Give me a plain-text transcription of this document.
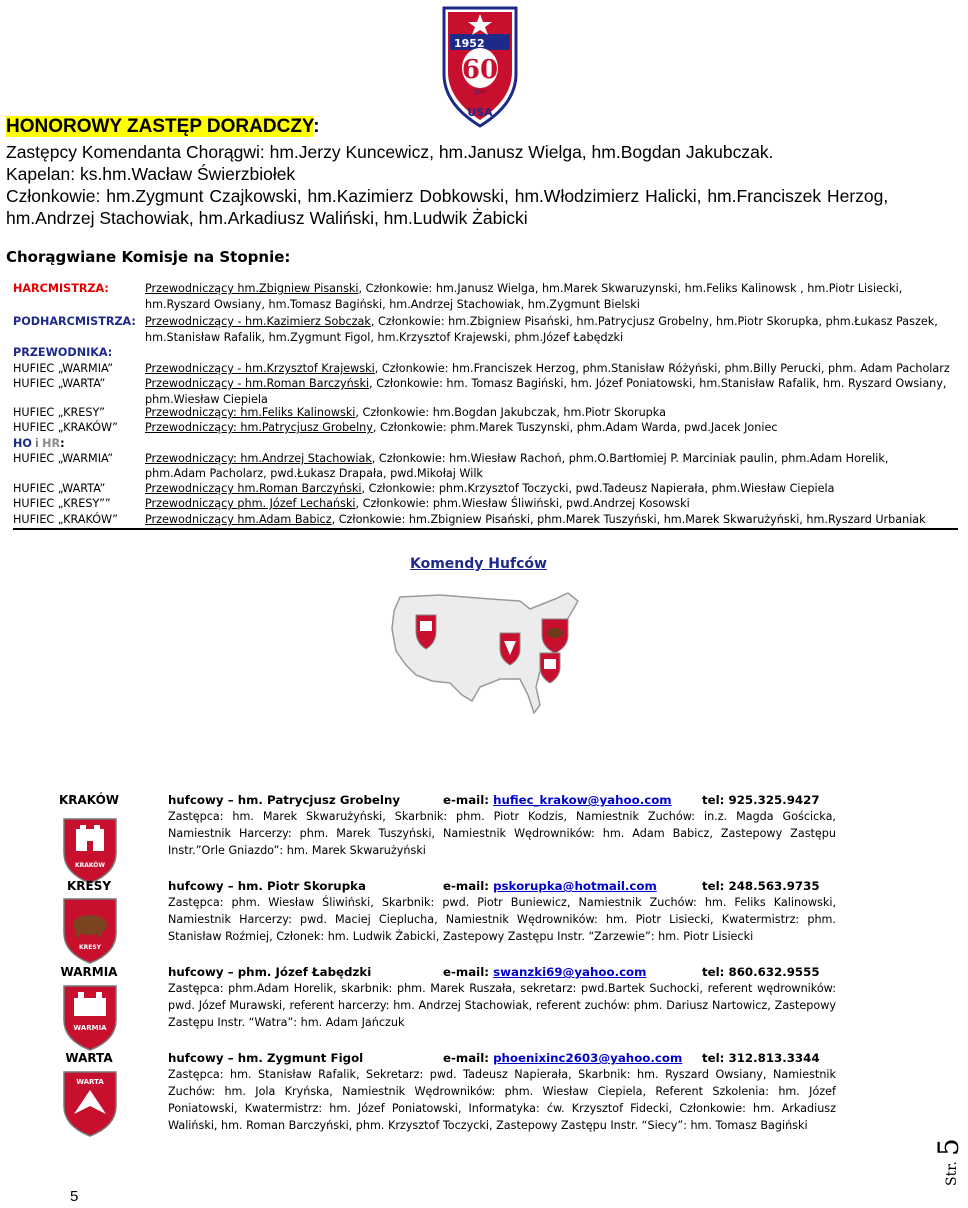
1952
60
ZHP
USA
HONOROWY ZASTĘP DORADCZY:
Zastępcy Komendanta Chorągwi: hm.Jerzy Kuncewicz, hm.Janusz Wielga, hm.Bogdan Jakubczak.
Kapelan: ks.hm.Wacław Świerzbiołek
Członkowie: hm.Zygmunt Czajkowski, hm.Kazimierz Dobkowski, hm.Włodzimierz Halicki, hm.Franciszek Herzog,
hm.Andrzej Stachowiak, hm.Arkadiusz Waliński, hm.Ludwik Żabicki
Chorągwiane Komisje na Stopnie:
HARCMISTRZA:	Przewodniczący hm.Zbigniew Pisanski, Członkowie: hm.Janusz Wielga, hm.Marek Skwaruzynski, hm.Feliks Kalinowsk , hm.Piotr Lisiecki,
hm.Ryszard Owsiany, hm.Tomasz Bagiński, hm.Andrzej Stachowiak, hm.Zygmunt Bielski
PODHARCMISTRZA: Przewodniczący - hm.Kazimierz Sobczak, Członkowie: hm.Zbigniew Pisański, hm.Patrycjusz Grobelny, hm.Piotr Skorupka, phm.Łukasz Paszek,
hm.Stanisław Rafalik, hm.Zygmunt Figol, hm.Krzysztof Krajewski, phm.Józef Łabędzki
PRZEWODNIKA:
HUFIEC „WARMIA”	Przewodniczący - hm.Krzysztof Krajewski, Członkowie: hm.Franciszek Herzog, phm.Stanisław Różyński, phm.Billy Perucki, phm. Adam Pacholarz
HUFIEC „WARTA”	Przewodniczący - hm.Roman Barczyński, Członkowie: hm. Tomasz Bagiński, hm. Józef Poniatowski, hm.Stanisław Rafalik, hm. Ryszard Owsiany,
phm.Wiesław Ciepiela
HUFIEC „KRESY”	Przewodniczący: hm.Feliks Kalinowski, Członkowie: hm.Bogdan Jakubczak, hm.Piotr Skorupka
HUFIEC „KRAKÓW” Przewodniczący: hm.Patrycjusz Grobelny, Członkowie: phm.Marek Tuszynski, phm.Adam Warda, pwd.Jacek Joniec
HO i HR:
HUFIEC „WARMIA”	Przewodniczący: hm.Andrzej Stachowiak, Członkowie: hm.Wiesław Rachoń, phm.O.Bartłomiej P. Marciniak paulin, phm.Adam Horelik,
phm.Adam Pacholarz, pwd.Łukasz Drapała, pwd.Mikołaj Wilk
HUFIEC „WARTA”	Przewodniczący hm.Roman Barczyński, Członkowie: phm.Krzysztof Toczycki, pwd.Tadeusz Napierała, phm.Wiesław Ciepiela
HUFIEC „KRESY””	Przewodniczący phm. Józef Lechański, Członkowie: phm.Wiesław Śliwiński, pwd.Andrzej Kosowski
HUFIEC „KRAKÓW” Przewodniczący hm.Adam Babicz, Członkowie: hm.Zbigniew Pisański, phm.Marek Tuszyński, hm.Marek Skwarużyński, hm.Ryszard Urbaniak
Komendy Hufców
KRAKÓW
KRAKÓW
hufcowy – hm. Patrycjusz Grobelny	e-mail: hufiec_krakow@yahoo.com	tel: 925.325.9427
Zastępca: hm. Marek Skwarużyński, Skarbnik: phm. Piotr Kodzis, Namiestnik Zuchów: in.z. Magda Gościcka, Namiestnik Harcerzy: phm. Marek Tuszyński, Namiestnik Wędrowników: hm. Adam Babicz, Zastepowy Zastępu Instr.”Orle Gniazdo”: hm. Marek Skwarużyński
KRESY
KRESY
hufcowy – hm. Piotr Skorupka	e-mail: pskorupka@hotmail.com	tel: 248.563.9735
Zastępca: phm. Wiesław Śliwiński, Skarbnik: pwd. Piotr Buniewicz, Namiestnik Zuchów: hm. Feliks Kalinowski, Namiestnik Harcerzy: pwd. Maciej Cieplucha, Namiestnik Wędrowników: hm. Piotr Lisiecki, Kwatermistrz: phm. Stanisław Roźmiej, Członek: hm. Ludwik Żabicki, Zastepowy Zastępu Instr. “Zarzewie”: hm. Piotr Lisiecki
WARMIA
WARMIA
hufcowy – phm. Józef Łabędzki	e-mail: swanzki69@yahoo.com	tel: 860.632.9555
Zastępca: phm.Adam Horelik, skarbnik: phm. Marek Ruszała, sekretarz: pwd.Bartek Suchocki, referent wędrowników: pwd. Józef Murawski, referent harcerzy: hm. Andrzej Stachowiak, referent zuchów: phm. Dariusz Nartowicz, Zastepowy Zastępu Instr. “Watra”: hm. Adam Jańczuk
WARTA
WARTA
hufcowy – hm. Zygmunt Figol	e-mail: phoenixinc2603@yahoo.com tel: 312.813.3344
Zastępca: hm. Stanisław Rafalik, Sekretarz: pwd. Tadeusz Napierała, Skarbnik: hm. Ryszard Owsiany, Namiestnik Zuchów: hm. Jola Kryńska, Namiestnik Wędrowników: phm. Wiesław Ciepiela, Referent Szkolenia: hm. Józef Poniatowski, Kwatermistrz: hm. Józef Poniatowski, Informatyka: ćw. Krzysztof Fidecki, Członkowie: hm. Arkadiusz Waliński, hm. Roman Barczyński, phm. Krzysztof Toczycki, Zastepowy Zastępu Instr. “Siecy”: hm. Tomasz Bagiński
5
Str.
5
